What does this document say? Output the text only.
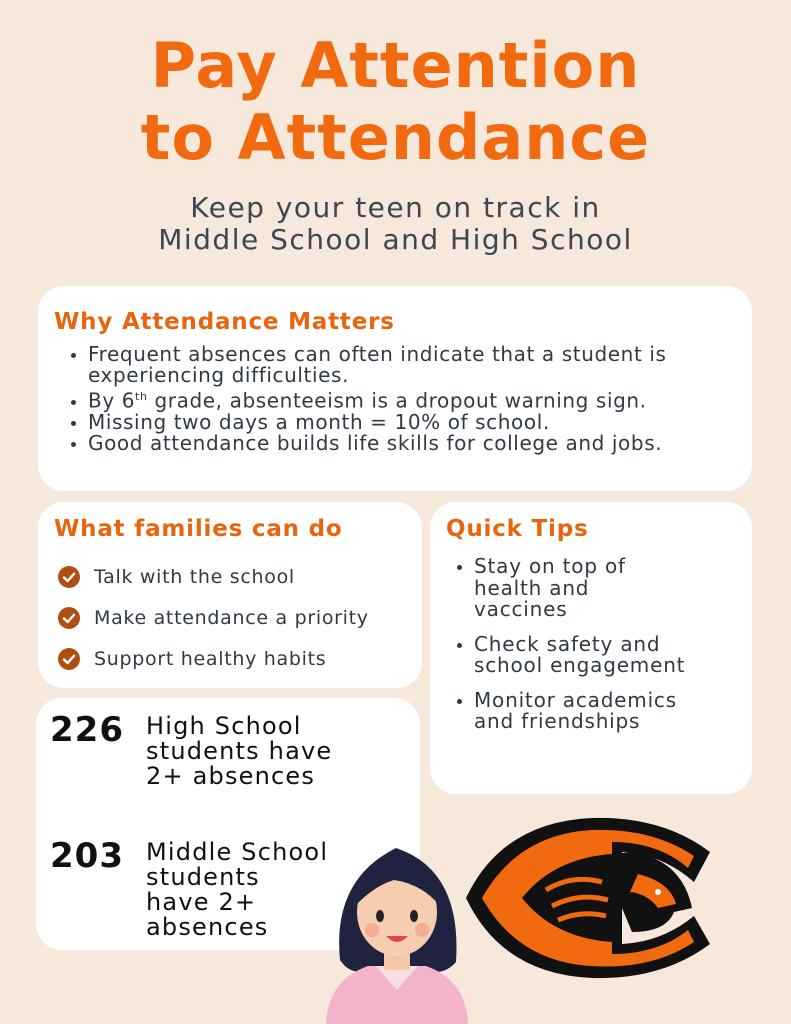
Pay Attention
to Attendance
Keep your teen on track in
Middle School and High School
Why Attendance Matters
• Frequent absences can often indicate that a student is experiencing difficulties.
• By 6th grade, absenteeism is a dropout warning sign.
• Missing two days a month = 10% of school.
• Good attendance builds life skills for college and jobs.
What families can do
Talk with the school
Make attendance a priority
Support healthy habits
Quick Tips
• Stay on top of health and vaccines
• Check safety and school engagement
• Monitor academics and friendships
226 High School
students have
2+ absences
203 Middle School
students
have 2+
absences
